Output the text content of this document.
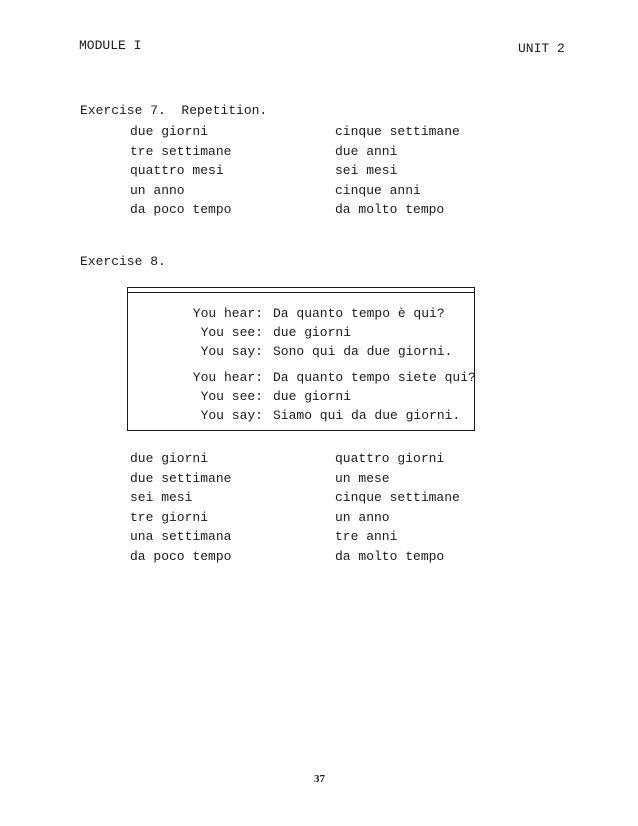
MODULE I	UNIT 2
Exercise 7.  Repetition.
due giorni
tre settimane
quattro mesi
un anno
da poco tempo
cinque settimane
due anni
sei mesi
cinque anni
da molto tempo
Exercise 8.
You hear: Da quanto tempo è qui?
You see: due giorni
You say: Sono qui da due giorni.
You hear: Da quanto tempo siete qui?
You see: due giorni
You say: Siamo qui da due giorni.
due giorni
due settimane
sei mesi
tre giorni
una settimana
da poco tempo
quattro giorni
un mese
cinque settimane
un anno
tre anni
da molto tempo
37
